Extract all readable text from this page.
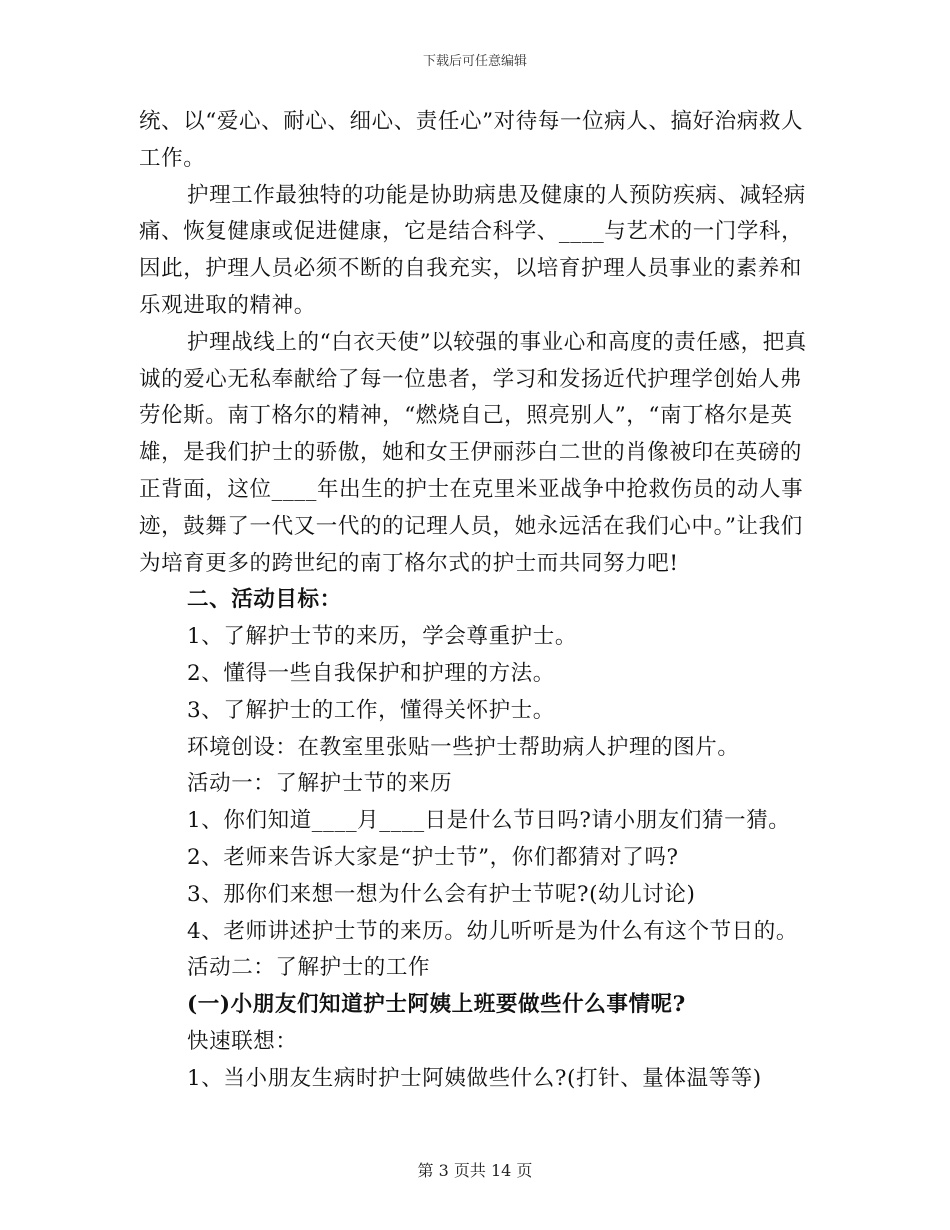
下载后可任意编辑

统、以“爱心、耐心、细心、责任心”对待每一位病人、搞好治病救人工作。

护理工作最独特的功能是协助病患及健康的人预防疾病、减轻病痛、恢复健康或促进健康，它是结合科学、____与艺术的一门学科，因此，护理人员必须不断的自我充实，以培育护理人员事业的素养和乐观进取的精神。

护理战线上的“白衣天使”以较强的事业心和高度的责任感，把真诚的爱心无私奉献给了每一位患者，学习和发扬近代护理学创始人弗劳伦斯。南丁格尔的精神，“燃烧自己，照亮别人”，“南丁格尔是英雄，是我们护士的骄傲，她和女王伊丽莎白二世的肖像被印在英磅的正背面，这位____年出生的护士在克里米亚战争中抢救伤员的动人事迹，鼓舞了一代又一代的的记理人员，她永远活在我们心中。”让我们为培育更多的跨世纪的南丁格尔式的护士而共同努力吧!

二、活动目标：

1、了解护士节的来历，学会尊重护士。

2、懂得一些自我保护和护理的方法。

3、了解护士的工作，懂得关怀护士。

环境创设：在教室里张贴一些护士帮助病人护理的图片。

活动一：了解护士节的来历

1、你们知道____月____日是什么节日吗?请小朋友们猜一猜。

2、老师来告诉大家是“护士节”，你们都猜对了吗?

3、那你们来想一想为什么会有护士节呢?(幼儿讨论)

4、老师讲述护士节的来历。幼儿听听是为什么有这个节日的。

活动二：了解护士的工作

(一)小朋友们知道护士阿姨上班要做些什么事情呢?

快速联想：

1、当小朋友生病时护士阿姨做些什么?(打针、量体温等等)

第 3 页共 14 页
